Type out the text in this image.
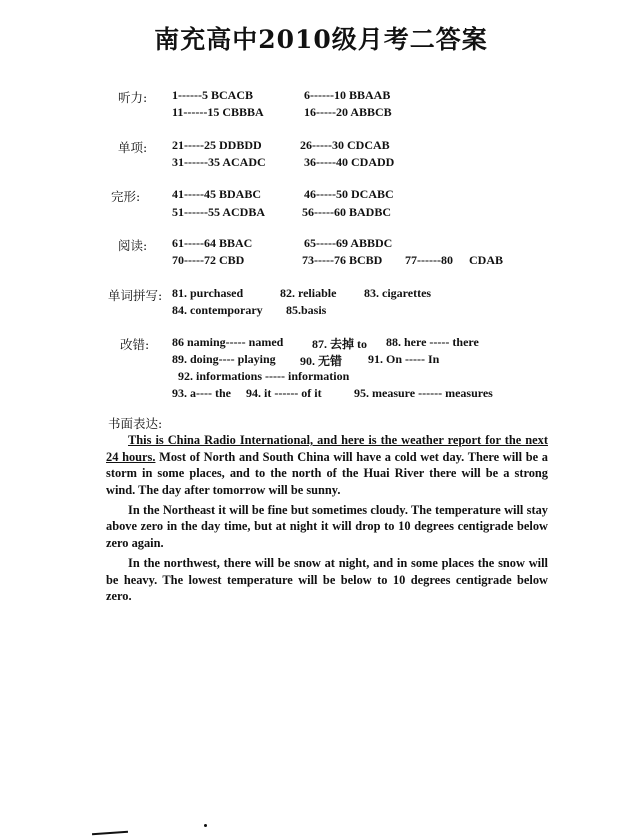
南充高中2010级月考二答案
听力: 1------5 BCACB	6------10 BBAAB
11------15 CBBBA	16-----20 ABBCB
单项: 21-----25 DDBDD	26-----30 CDCAB
31------35 ACADC	36-----40 CDADD
完形:	41-----45 BDABC	46-----50 DCABC
51------55 ACDBA	56-----60 BADBC
阅读: 61-----64 BBAC	65-----69 ABBDC
70-----72 CBD	73-----76 BCBD 77------80 CDAB
单词拼写: 81. purchased	82. reliable 83. cigarettes
84. contemporary 85.basis
改错: 86 naming----- named 87. 去掉 to 88. here ----- there
89. doing---- playing 90. 无错 91. On ----- In
92. informations ----- information
93. a---- the 94. it ------ of it	95. measure ------ measures
书面表达:

This is China Radio International, and here is the weather report for the next 24 hours. Most of North and South China will have a cold wet day. There will be a storm in some places, and to the north of the Huai River there will be a strong wind. The day after tomorrow will be sunny.

In the Northeast it will be fine but sometimes cloudy. The temperature will stay above zero in the day time, but at night it will drop to 10 degrees centigrade below zero again.

In the northwest, there will be snow at night, and in some places the snow will be heavy. The lowest temperature will be below to 10 degrees centigrade below zero.
